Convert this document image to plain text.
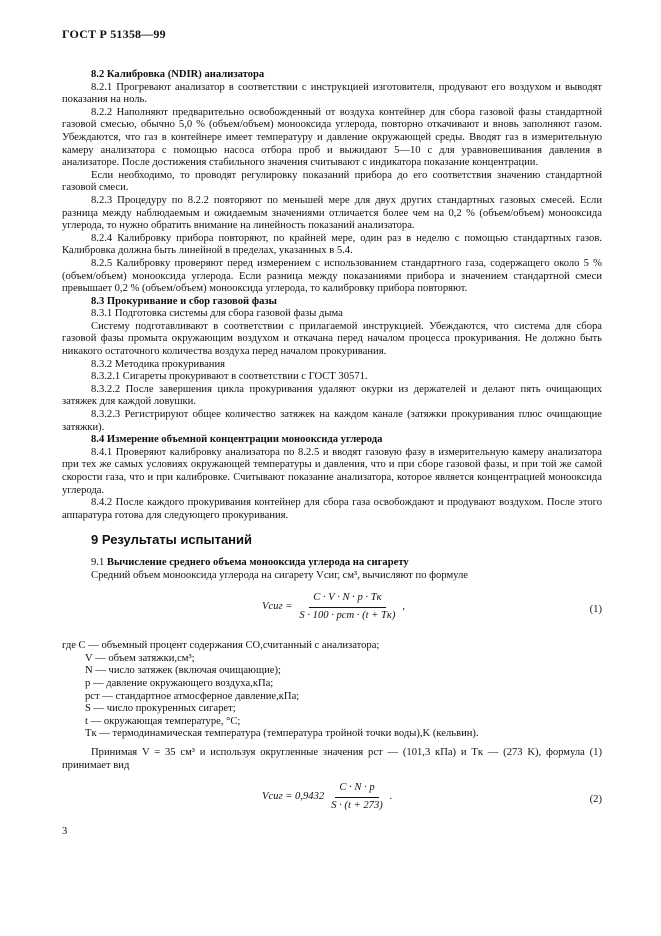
ГОСТ Р 51358—99

8.2 Калибровка (NDIR) анализатора

8.2.1 Прогревают анализатор в соответствии с инструкцией изготовителя, продувают его воздухом и выводят показания на ноль.

8.2.2 Наполняют предварительно освобожденный от воздуха контейнер для сбора газовой фазы стандартной газовой смесью, обычно 5,0 % (объем/объем) монооксида углерода, повторно откачивают и вновь заполняют газом. Убеждаются, что газ в контейнере имеет температуру и давление окружающей среды. Вводят газ в измерительную камеру анализатора с помощью насоса отбора проб и выжидают 5—10 с для уравновешивания давления в анализаторе. После достижения стабильного значения считывают с индикатора показание концентрации.

Если необходимо, то проводят регулировку показаний прибора до его соответствия значению стандартной газовой смеси.

8.2.3 Процедуру по 8.2.2 повторяют по меньшей мере для двух других стандартных газовых смесей. Если разница между наблюдаемым и ожидаемым значениями отличается более чем на 0,2 % (объем/объем) монооксида углерода, то нужно обратить внимание на линейность показаний анализатора.

8.2.4 Калибровку прибора повторяют, по крайней мере, один раз в неделю с помощью стандартных газов. Калибровка должна быть линейной в пределах, указанных в 5.4.

8.2.5 Калибровку проверяют перед измерением с использованием стандартного газа, содержащего около 5 % (объем/объем) монооксида углерода. Если разница между показаниями прибора и значением стандартной смеси превышает 0,2 % (объем/объем) монооксида углерода, то калибровку прибора повторяют.

8.3 Прокуривание и сбор газовой фазы

8.3.1 Подготовка системы для сбора газовой фазы дыма

Систему подготавливают в соответствии с прилагаемой инструкцией. Убеждаются, что система для сбора газовой фазы промыта окружающим воздухом и откачана перед началом процесса прокуривания. Не должно быть никакого остаточного количества воздуха перед началом прокуривания.

8.3.2 Методика прокуривания

8.3.2.1 Сигареты прокуривают в соответствии с ГОСТ 30571.

8.3.2.2 После завершения цикла прокуривания удаляют окурки из держателей и делают пять очищающих затяжек для каждой ловушки.

8.3.2.3 Регистрируют общее количество затяжек на каждом канале (затяжки прокуривания плюс очищающие затяжки).

8.4 Измерение объемной концентрации монооксида углерода

8.4.1 Проверяют калибровку анализатора по 8.2.5 и вводят газовую фазу в измерительную камеру анализатора при тех же самых условиях окружающей температуры и давления, что и при сборе газовой фазы, и при той же самой скорости газа, что и при калибровке. Считывают показание анализатора, которое является концентрацией монооксида углерода.

8.4.2 После каждого прокуривания контейнер для сбора газа освобождают и продувают воздухом. После этого аппаратура готова для следующего прокуривания.

9 Результаты испытаний

9.1 Вычисление среднего объема монооксида углерода на сигарету

Средний объем монооксида углерода на сигарету Vсиг, см³, вычисляют по формуле

Vсиг = $\frac{C \cdot V \cdot N \cdot p \cdot Tк}{\text{S · 100 · pст · (t + Tк)}}$ ,	(1)
где C — объемный процент содержания CO,считанный с анализатора;
V — объем затяжки,см³;
N — число затяжек (включая очищающие);
p — давление окружающего воздуха,кПа;
pст — стандартное атмосферное давление,кПа;
S — число прокуренных сигарет;
t — окружающая температуре, °C;
Tк — термодинамическая температура (температура тройной точки воды),K (кельвин).

Принимая V = 35 см³ и используя округленные значения pст — (101,3 кПа) и Tк — (273 K), формула (1) принимает вид

Vсиг = $0,9432 \frac{C \cdot N \cdot p}{S \cdot (t + 273)}$ .	(2)
3
